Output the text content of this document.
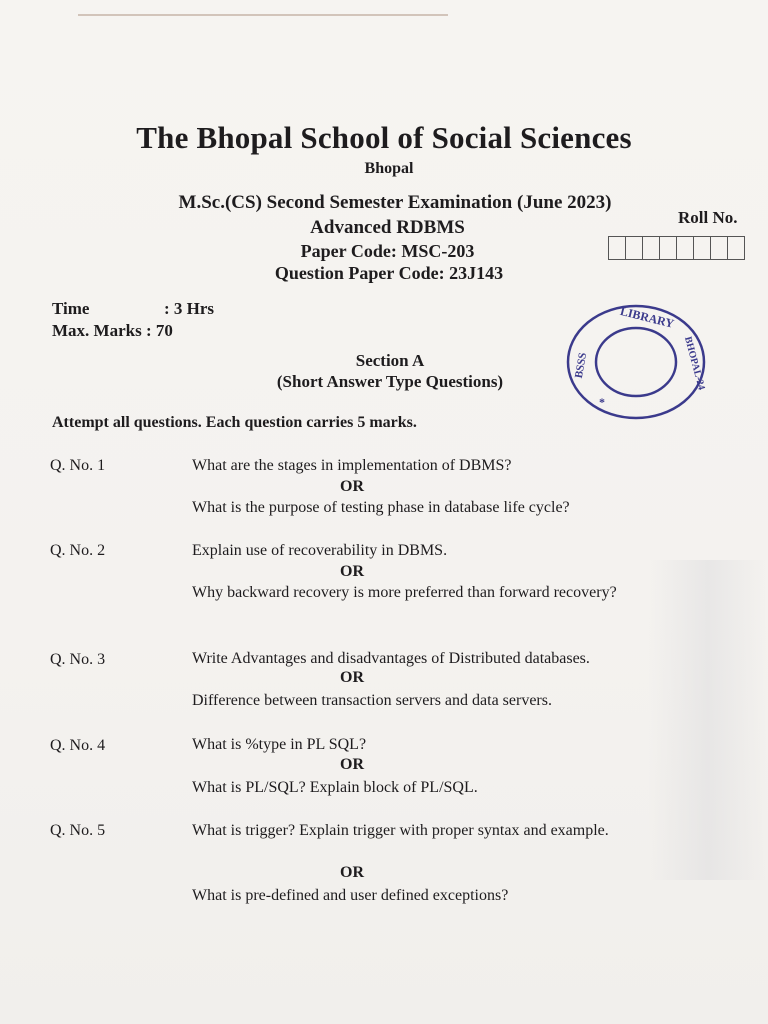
The Bhopal School of Social Sciences
Bhopal
M.Sc.(CS) Second Semester Examination (June 2023)
Advanced RDBMS
Paper Code: MSC-203
Question Paper Code: 23J143
Roll No.
Time	: 3 Hrs
Max. Marks : 70	LIBRARY
BSSS	BHOPAL-24
*
Section A
(Short Answer Type Questions)
Attempt all questions. Each question carries 5 marks.
Q. No. 1	What are the stages in implementation of DBMS?
OR
What is the purpose of testing phase in database life cycle?
Q. No. 2	Explain use of recoverability in DBMS.
OR
Why backward recovery is more preferred than forward recovery?
Q. No. 3	Write Advantages and disadvantages of Distributed databases.
OR
Difference between transaction servers and data servers.
Q. No. 4	What is %type in PL SQL?
OR
What is PL/SQL? Explain block of PL/SQL.
Q. No. 5	What is trigger? Explain trigger with proper syntax and example.
OR
What is pre-defined and user defined exceptions?
